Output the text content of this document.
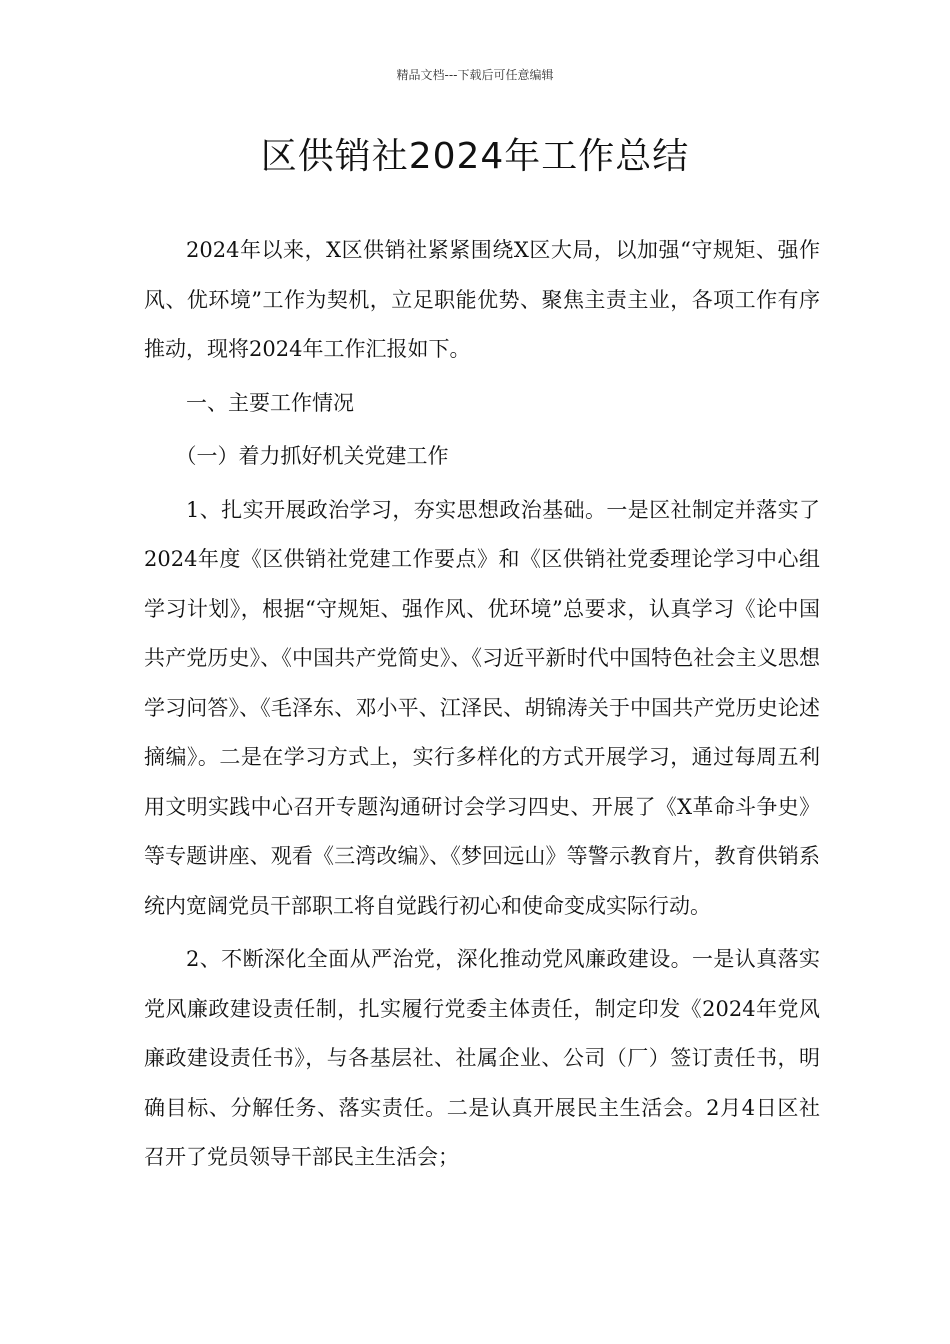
精品文档---下载后可任意编辑
区供销社2024年工作总结

2024年以来，X区供销社紧紧围绕X区大局，以加强“守规矩、强作风、优环境”工作为契机，立足职能优势、聚焦主责主业，各项工作有序推动，现将2024年工作汇报如下。

一、主要工作情况

（一）着力抓好机关党建工作

1、扎实开展政治学习，夯实思想政治基础。一是区社制定并落实了2024年度《区供销社党建工作要点》和《区供销社党委理论学习中心组学习计划》，根据“守规矩、强作风、优环境”总要求，认真学习《论中国共产党历史》、《中国共产党简史》、《习近平新时代中国特色社会主义思想学习问答》、《毛泽东、邓小平、江泽民、胡锦涛关于中国共产党历史论述摘编》。二是在学习方式上，实行多样化的方式开展学习，通过每周五利用文明实践中心召开专题沟通研讨会学习四史、开展了《X革命斗争史》等专题讲座、观看《三湾改编》、《梦回远山》等警示教育片，教育供销系统内宽阔党员干部职工将自觉践行初心和使命变成实际行动。

2、不断深化全面从严治党，深化推动党风廉政建设。一是认真落实党风廉政建设责任制，扎实履行党委主体责任，制定印发《2024年党风廉政建设责任书》，与各基层社、社属企业、公司（厂）签订责任书，明确目标、分解任务、落实责任。二是认真开展民主生活会。2月4日区社召开了党员领导干部民主生活会；
